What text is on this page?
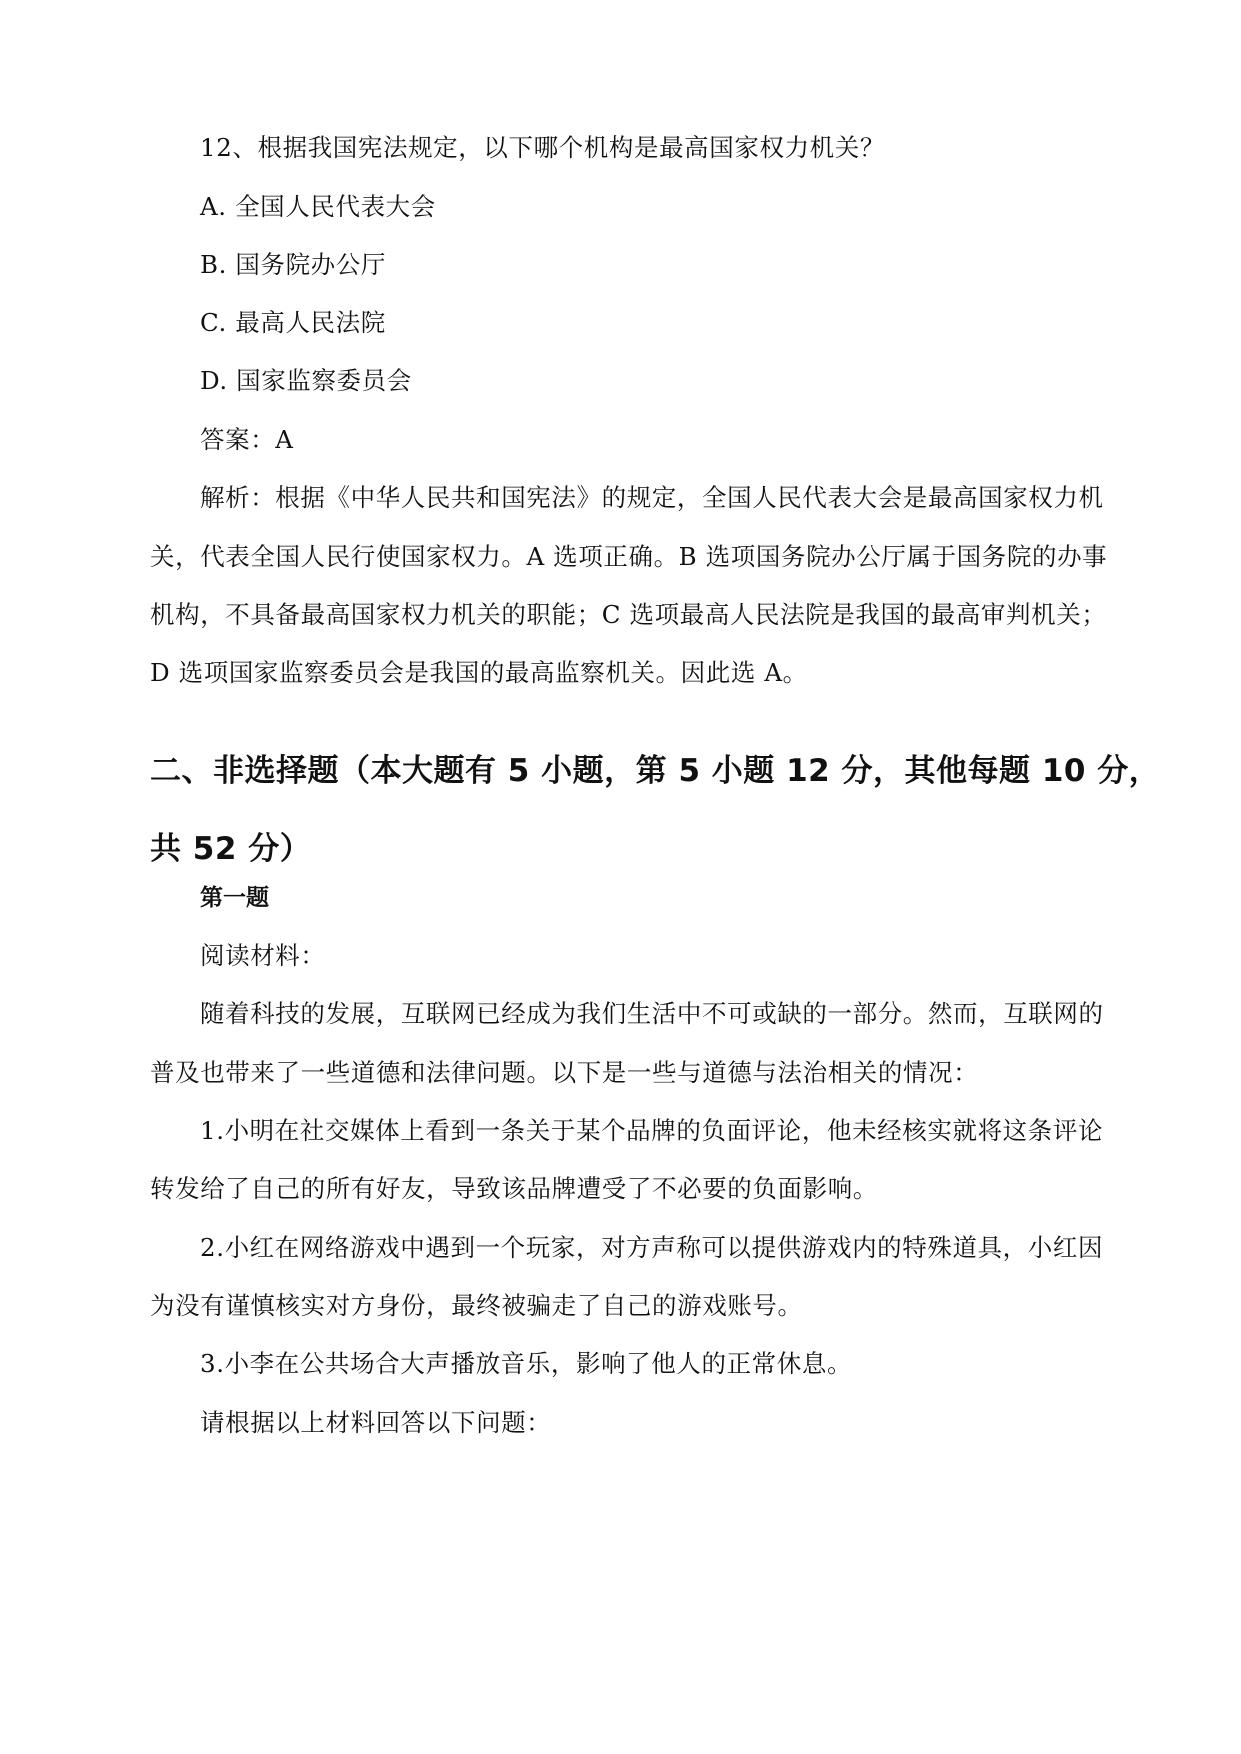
12、根据我国宪法规定，以下哪个机构是最高国家权力机关？
A. 全国人民代表大会
B. 国务院办公厅
C. 最高人民法院
D. 国家监察委员会
答案：A
解析：根据《中华人民共和国宪法》的规定，全国人民代表大会是最高国家权力机
关，代表全国人民行使国家权力。A 选项正确。B 选项国务院办公厅属于国务院的办事
机构，不具备最高国家权力机关的职能；C 选项最高人民法院是我国的最高审判机关；
D 选项国家监察委员会是我国的最高监察机关。因此选 A。
二、非选择题（本大题有 5 小题，第 5 小题 12 分，其他每题 10 分，
共 52 分）
第一题
阅读材料：
随着科技的发展，互联网已经成为我们生活中不可或缺的一部分。然而，互联网的
普及也带来了一些道德和法律问题。以下是一些与道德与法治相关的情况：
1.小明在社交媒体上看到一条关于某个品牌的负面评论，他未经核实就将这条评论
转发给了自己的所有好友，导致该品牌遭受了不必要的负面影响。
2.小红在网络游戏中遇到一个玩家，对方声称可以提供游戏内的特殊道具，小红因
为没有谨慎核实对方身份，最终被骗走了自己的游戏账号。
3.小李在公共场合大声播放音乐，影响了他人的正常休息。
请根据以上材料回答以下问题：
